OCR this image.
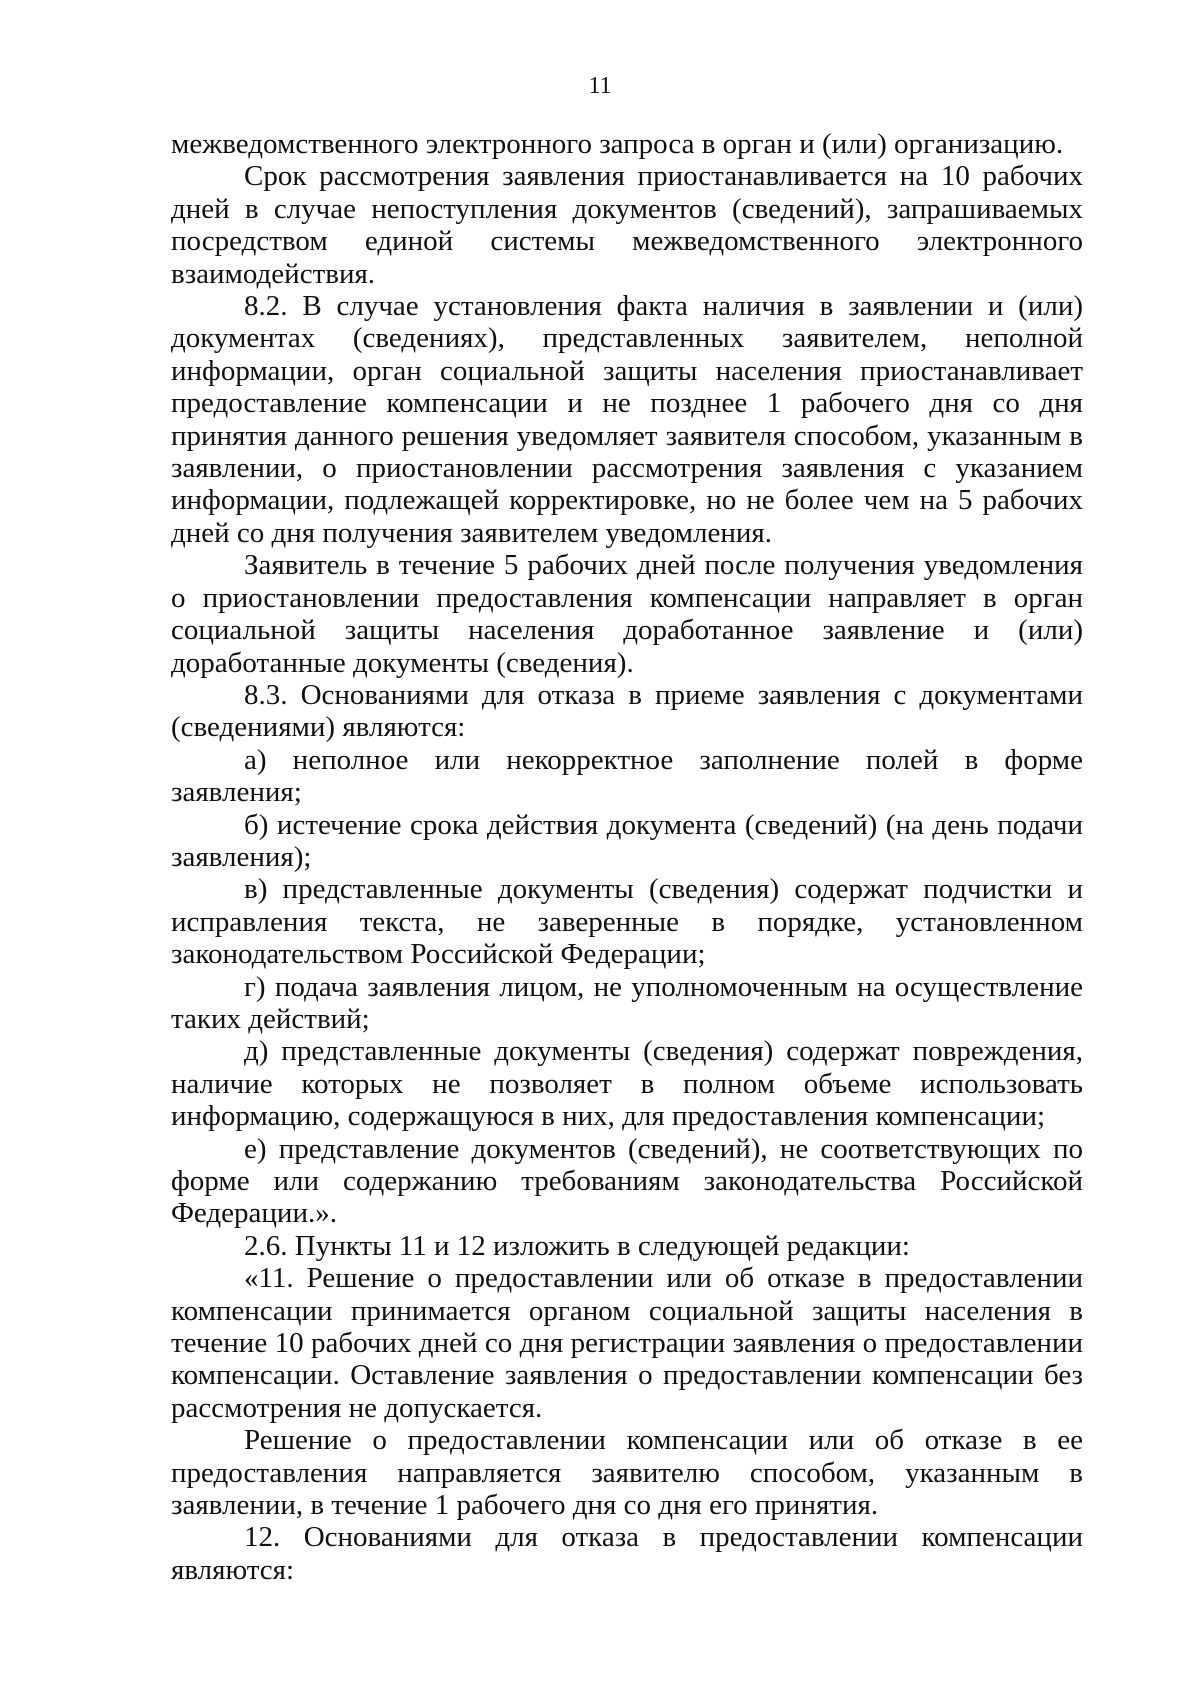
11

межведомственного электронного запроса в орган и (или) организацию.

Срок рассмотрения заявления приостанавливается на 10 рабочих дней в случае непоступления документов (сведений), запрашиваемых посредством единой системы межведомственного электронного взаимодействия.

8.2. В случае установления факта наличия в заявлении и (или) документах (сведениях), представленных заявителем, неполной информации, орган социальной защиты населения приостанавливает предоставление компенсации и не позднее 1 рабочего дня со дня принятия данного решения уведомляет заявителя способом, указанным в заявлении, о приостановлении рассмотрения заявления с указанием информации, подлежащей корректировке, но не более чем на 5 рабочих дней со дня получения заявителем уведомления.

Заявитель в течение 5 рабочих дней после получения уведомления о приостановлении предоставления компенсации направляет в орган социальной защиты населения доработанное заявление и (или) доработанные документы (сведения).

8.3. Основаниями для отказа в приеме заявления с документами (сведениями) являются:

а) неполное или некорректное заполнение полей в форме заявления;

б) истечение срока действия документа (сведений) (на день подачи заявления);

в) представленные документы (сведения) содержат подчистки и исправления текста, не заверенные в порядке, установленном законодательством Российской Федерации;

г) подача заявления лицом, не уполномоченным на осуществление таких действий;

д) представленные документы (сведения) содержат повреждения, наличие которых не позволяет в полном объеме использовать информацию, содержащуюся в них, для предоставления компенсации;

е) представление документов (сведений), не соответствующих по форме или содержанию требованиям законодательства Российской Федерации.».

2.6. Пункты 11 и 12 изложить в следующей редакции:

«11. Решение о предоставлении или об отказе в предоставлении компенсации принимается органом социальной защиты населения в течение 10 рабочих дней со дня регистрации заявления о предоставлении компенсации. Оставление заявления о предоставлении компенсации без рассмотрения не допускается.

Решение о предоставлении компенсации или об отказе в ее предоставления направляется заявителю способом, указанным в заявлении, в течение 1 рабочего дня со дня его принятия.

12. Основаниями для отказа в предоставлении компенсации являются:
